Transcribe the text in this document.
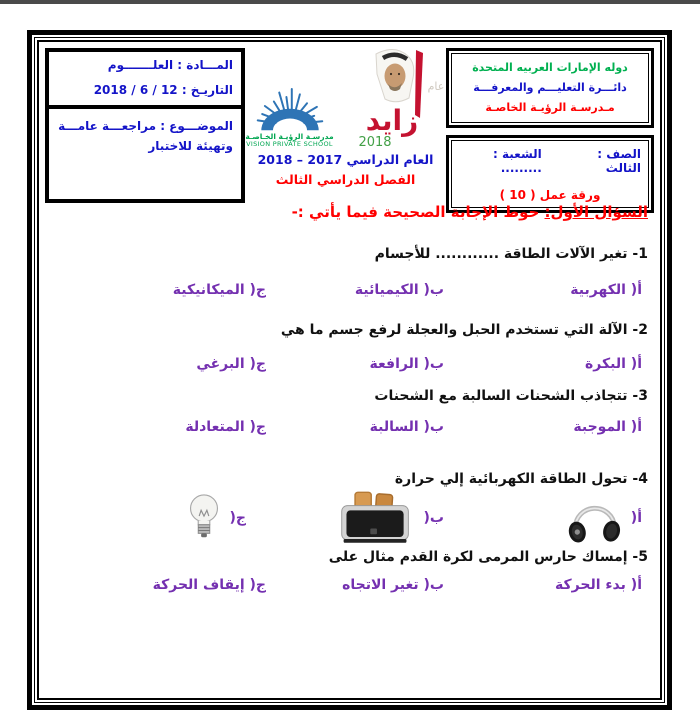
دوله الإمارات العربيه المتحدة
دائـــرة التعليـــم والمعرفـــة
مـدرسـة الرؤيـة الخاصـة
الصف : الثالث
الشعبة : .........
ورقة عمل ( 10 )
عام
زايد
2018
مدرسـة الرؤيـة الخـاصـة
VISION PRIVATE SCHOOL
العام الدراسي 2017 – 2018
الفصل الدراسي الثالث
المـــادة : العلـــــــوم
التاريـخ : 12 / 6 / 2018
الموضـــوع : مراجعـــة عامـــة وتهيئة للاختبار
السؤال الأول: حوط الإجابة الصحيحة فيما يأتي :-
1- تغير الآلات الطاقة ............ للأجسام
أ‎)‎ الكهربية
ب‎)‎ الكيميائية
ج‎)‎ الميكانيكية
2- الآلة التي تستخدم الحبل والعجلة لرفع جسم ما هي
أ‎)‎ البكرة
ب‎)‎ الرافعة
ج‎)‎ البرغي
3- تتجاذب الشحنات السالبة مع الشحنات
أ‎)‎ الموجبة
ب‎)‎ السالبة
ج‎)‎ المتعادلة
4- تحول الطاقة الكهربائية إلي حرارة
أ‎)‎
ب‎)‎
ج‎)‎
5- إمساك حارس المرمى لكرة القدم مثال على
أ‎)‎ بدء الحركة
ب‎)‎ تغير الاتجاه
ج‎)‎ إيقاف الحركة
